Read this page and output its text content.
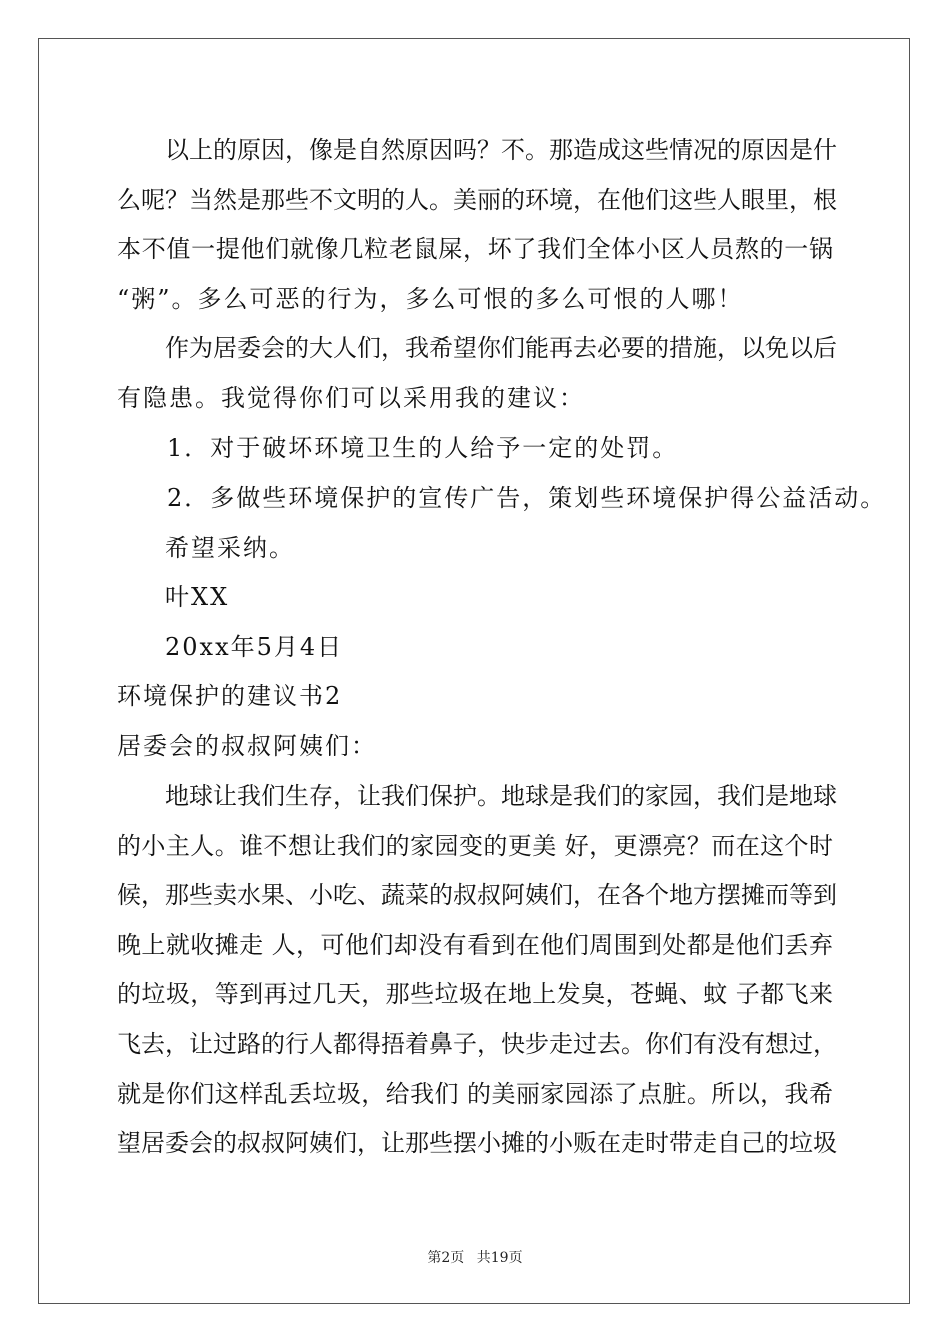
以上的原因，像是自然原因吗？不。那造成这些情况的原因是什
么呢？当然是那些不文明的人。美丽的环境，在他们这些人眼里，根
本不值一提他们就像几粒老鼠屎，坏了我们全体小区人员熬的一锅
“粥”。多么可恶的行为，多么可恨的多么可恨的人哪！
作为居委会的大人们，我希望你们能再去必要的措施，以免以后
有隐患。我觉得你们可以采用我的建议：
1．对于破坏环境卫生的人给予一定的处罚。
2．多做些环境保护的宣传广告，策划些环境保护得公益活动。
希望采纳。
叶XX
20xx年5月4日
环境保护的建议书2
居委会的叔叔阿姨们：
地球让我们生存，让我们保护。地球是我们的家园，我们是地球
的小主人。谁不想让我们的家园变的更美 好，更漂亮？而在这个时
候，那些卖水果、小吃、蔬菜的叔叔阿姨们，在各个地方摆摊而等到
晚上就收摊走 人，可他们却没有看到在他们周围到处都是他们丢弃
的垃圾，等到再过几天，那些垃圾在地上发臭，苍蝇、蚊 子都飞来
飞去，让过路的行人都得捂着鼻子，快步走过去。你们有没有想过，
就是你们这样乱丢垃圾，给我们 的美丽家园添了点脏。所以，我希
望居委会的叔叔阿姨们，让那些摆小摊的小贩在走时带走自己的垃圾
第2页 共19页
